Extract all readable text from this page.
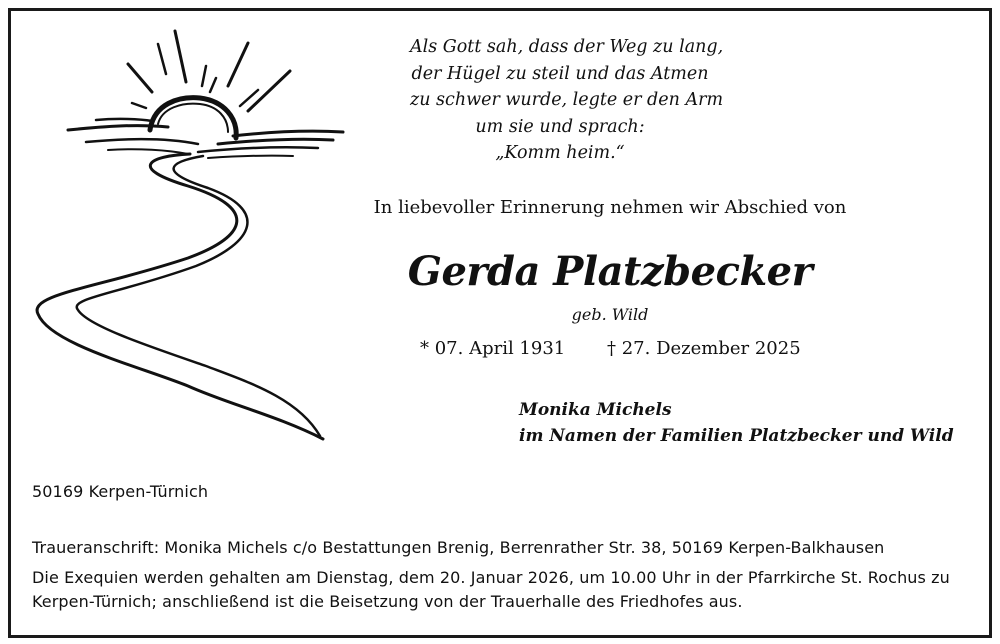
Als Gott sah, dass der Weg zu lang,
der Hügel zu steil und das Atmen
zu schwer wurde, legte er den Arm
um sie und sprach:
„Komm heim.“
In liebevoller Erinnerung nehmen wir Abschied von
Gerda Platzbecker
geb. Wild
* 07. April 1931 † 27. Dezember 2025
Monika Michels
im Namen der Familien Platzbecker und Wild
50169 Kerpen-Türnich
Traueranschrift: Monika Michels c/o Bestattungen Brenig, Berrenrather Str. 38, 50169 Kerpen-Balkhausen
Die Exequien werden gehalten am Dienstag, dem 20. Januar 2026, um 10.00 Uhr in der Pfarrkirche St. Rochus zu
Kerpen-Türnich; anschließend ist die Beisetzung von der Trauerhalle des Friedhofes aus.
